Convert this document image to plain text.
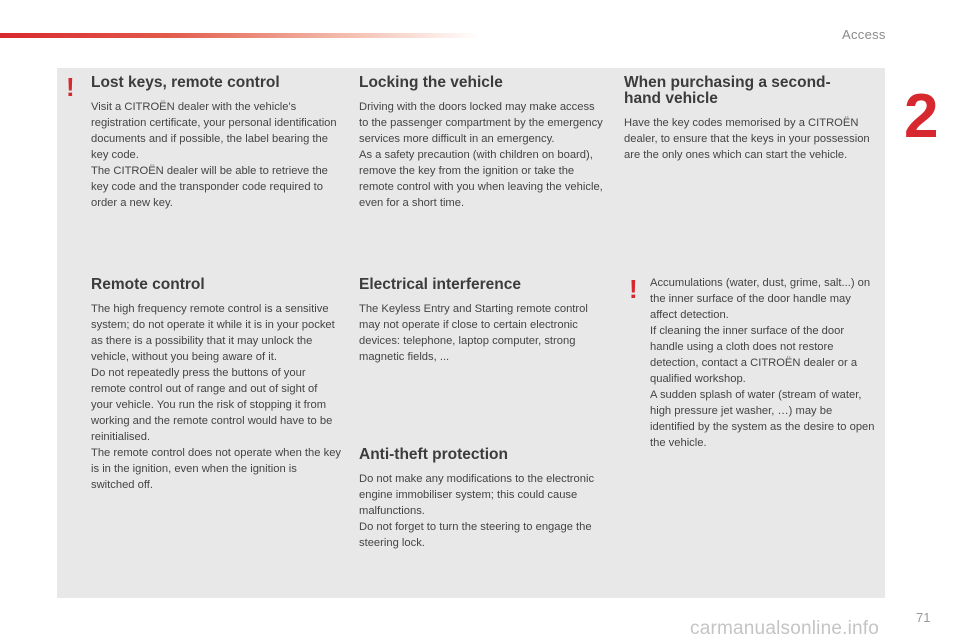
Access
2
! Lost keys, remote control

Visit a CITROËN dealer with the vehicle's registration certificate, your personal identification documents and if possible, the label bearing the key code.
The CITROËN dealer will be able to retrieve the key code and the transponder code required to order a new key.

Remote control

The high frequency remote control is a sensitive system; do not operate it while it is in your pocket as there is a possibility that it may unlock the vehicle, without you being aware of it.
Do not repeatedly press the buttons of your remote control out of range and out of sight of your vehicle. You run the risk of stopping it from working and the remote control would have to be reinitialised.
The remote control does not operate when the key is in the ignition, even when the ignition is switched off.

Locking the vehicle

Driving with the doors locked may make access to the passenger compartment by the emergency services more difficult in an emergency.
As a safety precaution (with children on board), remove the key from the ignition or take the remote control with you when leaving the vehicle, even for a short time.

Electrical interference

The Keyless Entry and Starting remote control may not operate if close to certain electronic devices: telephone, laptop computer, strong magnetic fields, ...

Anti-theft protection

Do not make any modifications to the electronic engine immobiliser system; this could cause malfunctions.
Do not forget to turn the steering to engage the steering lock.

When purchasing a second-hand vehicle

Have the key codes memorised by a CITROËN dealer, to ensure that the keys in your possession are the only ones which can start the vehicle.

! Accumulations (water, dust, grime, salt...) on the inner surface of the door handle may affect detection.
If cleaning the inner surface of the door handle using a cloth does not restore detection, contact a CITROËN dealer or a qualified workshop.
A sudden splash of water (stream of water, high pressure jet washer, …) may be identified by the system as the desire to open the vehicle.

71
carmanualsonline.info
